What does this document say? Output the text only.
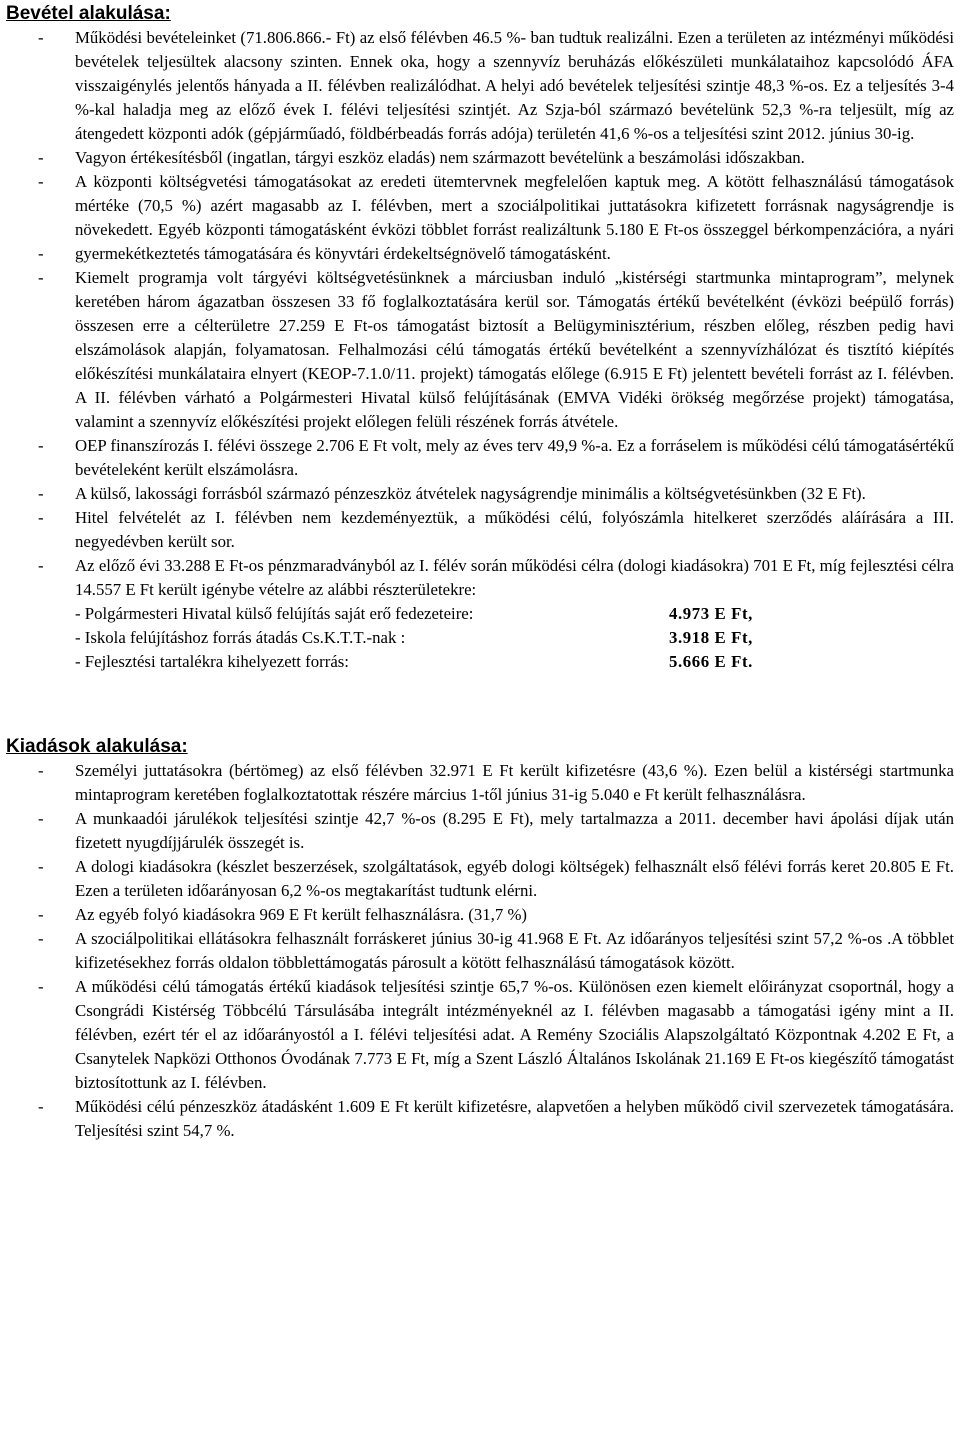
Bevétel alakulása:
- Működési bevételeinket (71.806.866.- Ft) az első félévben 46.5 %- ban tudtuk realizálni. Ezen a területen az intézményi működési bevételek teljesültek alacsony szinten. Ennek oka, hogy a szennyvíz beruházás előkészületi munkálataihoz kapcsolódó ÁFA visszaigénylés jelentős hányada a II. félévben realizálódhat. A helyi adó bevételek teljesítési szintje 48,3 %-os. Ez a teljesítés 3-4 %-kal haladja meg az előző évek I. félévi teljesítési szintjét. Az Szja-ból származó bevételünk 52,3 %-ra teljesült, míg az átengedett központi adók (gépjárműadó, földbérbeadás forrás adója) területén 41,6 %-os a teljesítési szint 2012. június 30-ig.
- Vagyon értékesítésből (ingatlan, tárgyi eszköz eladás) nem származott bevételünk a beszámolási időszakban.
-
-
A központi költségvetési támogatásokat az eredeti ütemtervnek megfelelően kaptuk meg. A kötött felhasználású támogatások mértéke (70,5 %) azért magasabb az I. félévben, mert a szociálpolitikai juttatásokra kifizetett forrásnak nagyságrendje is növekedett. Egyéb központi támogatásként évközi többlet forrást realizáltunk 5.180 E Ft-os összeggel bérkompenzációra, a nyári gyermekétkeztetés támogatására és könyvtári érdekeltségnövelő támogatásként.
- Kiemelt programja volt tárgyévi költségvetésünknek a márciusban induló „kistérségi startmunka mintaprogram”, melynek keretében három ágazatban összesen 33 fő foglalkoztatására kerül sor. Támogatás értékű bevételként (évközi beépülő forrás) összesen erre a célterületre 27.259 E Ft-os támogatást biztosít a Belügyminisztérium, részben előleg, részben pedig havi elszámolások alapján, folyamatosan. Felhalmozási célú támogatás értékű bevételként a szennyvízhálózat és tisztító kiépítés előkészítési munkálataira elnyert (KEOP-7.1.0/11. projekt) támogatás előlege (6.915 E Ft) jelentett bevételi forrást az I. félévben. A II. félévben várható a Polgármesteri Hivatal külső felújításának (EMVA Vidéki örökség megőrzése projekt) támogatása, valamint a szennyvíz előkészítési projekt előlegen felüli részének forrás átvétele.
- OEP finanszírozás I. félévi összege 2.706 E Ft volt, mely az éves terv 49,9 %-a. Ez a forráselem is működési célú támogatásértékű bevételeként került elszámolásra.
- A külső, lakossági forrásból származó pénzeszköz átvételek nagyságrendje minimális a költségvetésünkben (32 E Ft).
- Hitel felvételét az I. félévben nem kezdeményeztük, a működési célú, folyószámla hitelkeret szerződés aláírására a III. negyedévben került sor.
- Az előző évi 33.288 E Ft-os pénzmaradványból az I. félév során működési célra (dologi kiadásokra) 701 E Ft, míg fejlesztési célra 14.557 E Ft került igénybe vételre az alábbi részterületekre:
- Polgármesteri Hivatal külső felújítás saját erő fedezeteire:	4.973 E Ft,
- Iskola felújításhoz forrás átadás Cs.K.T.T.-nak :	3.918 E Ft,
- Fejlesztési tartalékra kihelyezett forrás:	5.666 E Ft.
Kiadások alakulása:
- Személyi juttatásokra (bértömeg) az első félévben 32.971 E Ft került kifizetésre (43,6 %). Ezen belül a kistérségi startmunka mintaprogram keretében foglalkoztatottak részére március 1-től június 31-ig 5.040 e Ft került felhasználásra.
- A munkaadói járulékok teljesítési szintje 42,7 %-os (8.295 E Ft), mely tartalmazza a 2011. december havi ápolási díjak után fizetett nyugdíjjárulék összegét is.
- A dologi kiadásokra (készlet beszerzések, szolgáltatások, egyéb dologi költségek) felhasznált első félévi forrás keret 20.805 E Ft. Ezen a területen időarányosan 6,2 %-os megtakarítást tudtunk elérni.
- Az egyéb folyó kiadásokra 969 E Ft került felhasználásra. (31,7 %)
- A szociálpolitikai ellátásokra felhasznált forráskeret június 30-ig 41.968 E Ft. Az időarányos teljesítési szint 57,2 %-os .A többlet kifizetésekhez forrás oldalon többlettámogatás párosult a kötött felhasználású támogatások között.
- A működési célú támogatás értékű kiadások teljesítési szintje 65,7 %-os. Különösen ezen kiemelt előirányzat csoportnál, hogy a Csongrádi Kistérség Többcélú Társulásába integrált intézményeknél az I. félévben magasabb a támogatási igény mint a II. félévben, ezért tér el az időarányostól a I. félévi teljesítési adat. A Remény Szociális Alapszolgáltató Központnak 4.202 E Ft, a Csanytelek Napközi Otthonos Óvodának 7.773 E Ft, míg a Szent László Általános Iskolának 21.169 E Ft-os kiegészítő támogatást biztosítottunk az I. félévben.
- Működési célú pénzeszköz átadásként 1.609 E Ft került kifizetésre, alapvetően a helyben működő civil szervezetek támogatására. Teljesítési szint 54,7 %.
